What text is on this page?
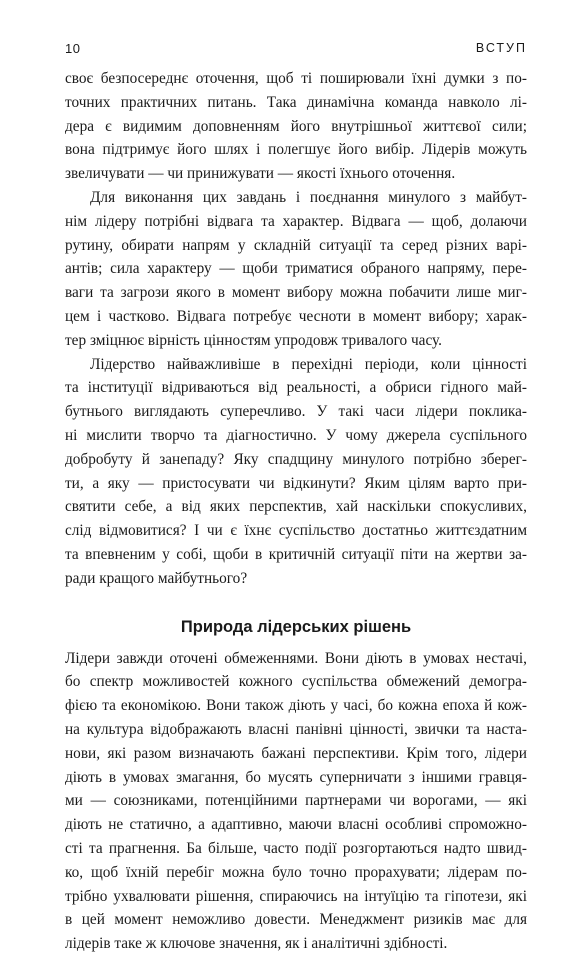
10	ВСТУП
своє безпосереднє оточення, щоб ті поширювали їхні думки з по-
точних практичних питань. Така динамічна команда навколо лі-
дера є видимим доповненням його внутрішньої життєвої сили;
вона підтримує його шлях і полегшує його вибір. Лідерів можуть
звеличувати — чи принижувати — якості їхнього оточення.
Для виконання цих завдань і поєднання минулого з майбут-
нім лідеру потрібні відвага та характер. Відвага — щоб, долаючи
рутину, обирати напрям у складній ситуації та серед різних варі-
антів; сила характеру — щоби триматися обраного напряму, пере-
ваги та загрози якого в момент вибору можна побачити лише миг-
цем і частково. Відвага потребує чесноти в момент вибору; харак-
тер зміцнює вірність цінностям упродовж тривалого часу.
Лідерство найважливіше в перехідні періоди, коли цінності
та інституції відриваються від реальності, а обриси гідного май-
бутнього виглядають суперечливо. У такі часи лідери поклика-
ні мислити творчо та діагностично. У чому джерела суспільного
добробуту й занепаду? Яку спадщину минулого потрібно зберег-
ти, а яку — пристосувати чи відкинути? Яким цілям варто при-
святити себе, а від яких перспектив, хай наскільки спокусливих,
слід відмовитися? І чи є їхнє суспільство достатньо життєздатним
та впевненим у собі, щоби в критичній ситуації піти на жертви за-
ради кращого майбутнього?
Природа лідерських рішень
Лідери завжди оточені обмеженнями. Вони діють в умовах нестачі,
бо спектр можливостей кожного суспільства обмежений демогра-
фією та економікою. Вони також діють у часі, бо кожна епоха й кож-
на культура відображають власні панівні цінності, звички та наста-
нови, які разом визначають бажані перспективи. Крім того, лідери
діють в умовах змагання, бо мусять суперничати з іншими гравця-
ми — союзниками, потенційними партнерами чи ворогами, — які
діють не статично, а адаптивно, маючи власні особливі спроможно-
сті та прагнення. Ба більше, часто події розгортаються надто швид-
ко, щоб їхній перебіг можна було точно прорахувати; лідерам по-
трібно ухвалювати рішення, спираючись на інтуїцію та гіпотези, які
в цей момент неможливо довести. Менеджмент ризиків має для
лідерів таке ж ключове значення, як і аналітичні здібності.
